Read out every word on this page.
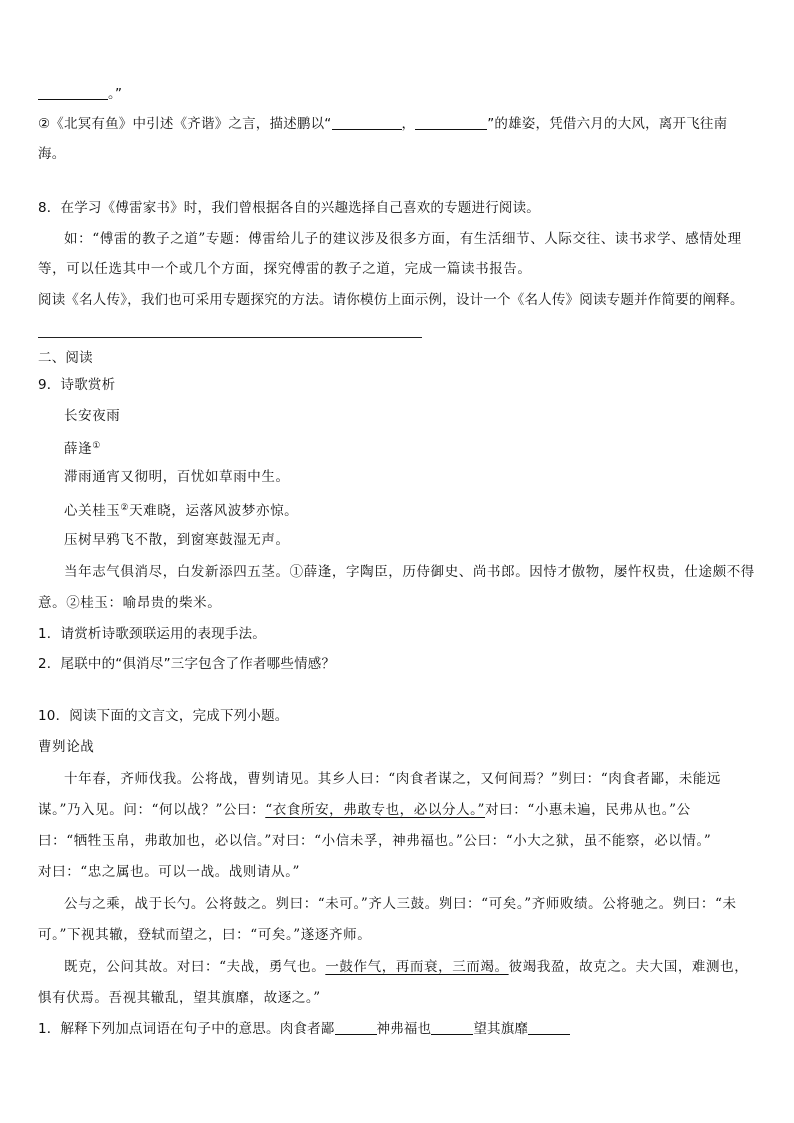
。”
②《北冥有鱼》中引述《齐谐》之言，描述鹏以“	，	”的雄姿，凭借六月的大风，离开飞往南
海。
8．在学习《傅雷家书》时，我们曾根据各自的兴趣选择自己喜欢的专题进行阅读。
如：“傅雷的教子之道”专题：傅雷给儿子的建议涉及很多方面，有生活细节、人际交往、读书求学、感情处理
等，可以任选其中一个或几个方面，探究傅雷的教子之道，完成一篇读书报告。
阅读《名人传》，我们也可采用专题探究的方法。请你模仿上面示例，设计一个《名人传》阅读专题并作简要的阐释。
二、阅读
9．诗歌赏析
长安夜雨
薛逢①
滞雨通宵又彻明，百忧如草雨中生。
心关桂玉②天难晓，运落风波梦亦惊。
压树早鸦飞不散，到窗寒鼓湿无声。
当年志气俱消尽，白发新添四五茎。①薛逢，字陶臣，历侍御史、尚书郎。因恃才傲物，屡忤权贵，仕途颇不得
意。②桂玉：喻昂贵的柴米。
1．请赏析诗歌颈联运用的表现手法。
2．尾联中的“俱消尽”三字包含了作者哪些情感？
10．阅读下面的文言文，完成下列小题。
曹刿论战
十年春，齐师伐我。公将战，曹刿请见。其乡人曰：“肉食者谋之，又何间焉？”刿曰：“肉食者鄙，未能远
谋。”乃入见。问：“何以战？”公曰：“衣食所安，弗敢专也，必以分人。”对曰：“小惠未遍，民弗从也。”公
曰：“牺牲玉帛，弗敢加也，必以信。”对曰：“小信未孚，神弗福也。”公曰：“小大之狱，虽不能察，必以情。”
对曰：“忠之属也。可以一战。战则请从。”
公与之乘，战于长勺。公将鼓之。刿曰：“未可。”齐人三鼓。刿曰：“可矣。”齐师败绩。公将驰之。刿曰：“未
可。”下视其辙，登轼而望之，曰：“可矣。”遂逐齐师。
既克，公问其故。对曰：“夫战，勇气也。一鼓作气，再而衰，三而竭。彼竭我盈，故克之。夫大国，难测也，
惧有伏焉。吾视其辙乱，望其旗靡，故逐之。”
1．解释下列加点词语在句子中的意思。肉食者鄙	神弗福也	望其旗靡
